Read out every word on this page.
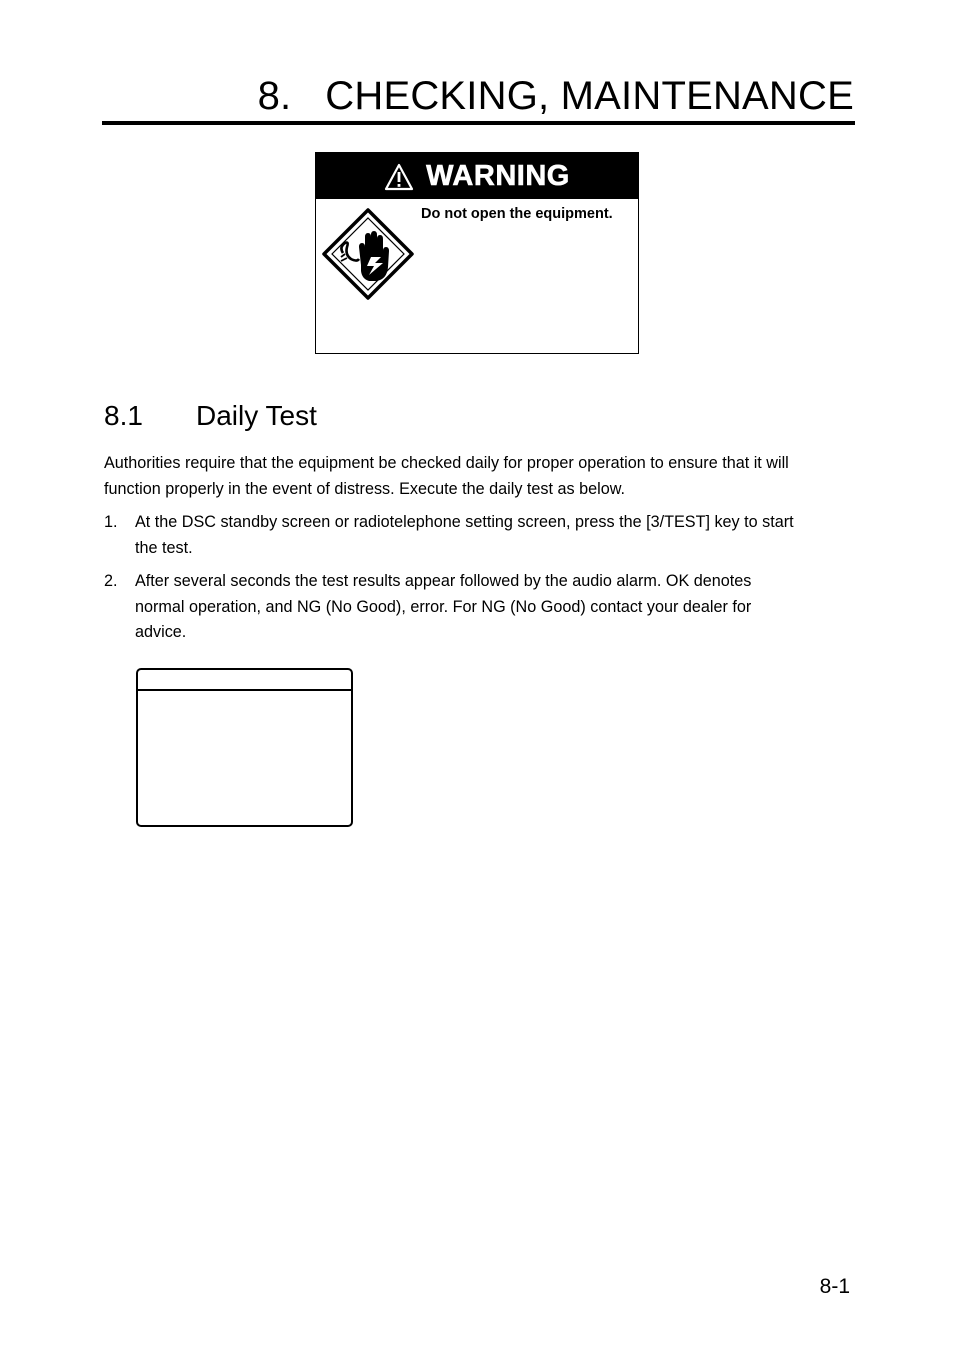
8.   CHECKING, MAINTENANCE
WARNING
Do not open the equipment.
8.1 Daily Test
Authorities require that the equipment be checked daily for proper operation to ensure that it will
function properly in the event of distress. Execute the daily test as below.
1. At the DSC standby screen or radiotelephone setting screen, press the [3/TEST] key to start
the test.
2. After several seconds the test results appear followed by the audio alarm. OK denotes
normal operation, and NG (No Good), error. For NG (No Good) contact your dealer for
advice.
8-1
